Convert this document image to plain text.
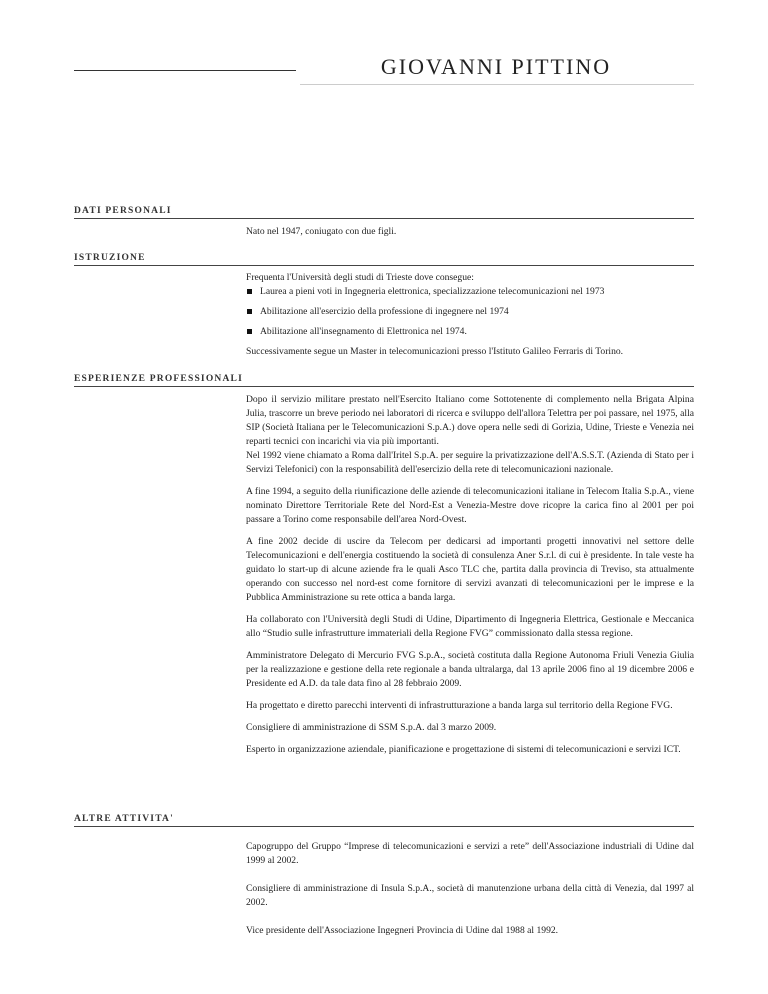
GIOVANNI PITTINO
DATI PERSONALI

Nato nel 1947, coniugato con due figli.

ISTRUZIONE

Frequenta l'Università degli studi di Trieste dove consegue:

Laurea a pieni voti in Ingegneria elettronica, specializzazione telecomunicazioni nel 1973
Abilitazione all'esercizio della professione di ingegnere nel 1974
Abilitazione all'insegnamento di Elettronica nel 1974.

Successivamente segue un Master in telecomunicazioni presso l'Istituto Galileo Ferraris di Torino.

ESPERIENZE PROFESSIONALI

Dopo il servizio militare prestato nell'Esercito Italiano come Sottotenente di complemento nella Brigata Alpina Julia, trascorre un breve periodo nei laboratori di ricerca e sviluppo dell'allora Telettra per poi passare, nel 1975, alla SIP (Società Italiana per le Telecomunicazioni S.p.A.) dove opera nelle sedi di Gorizia, Udine, Trieste e Venezia nei reparti tecnici con incarichi via via più importanti.

Nel 1992 viene chiamato a Roma dall'Iritel S.p.A. per seguire la privatizzazione dell'A.S.S.T. (Azienda di Stato per i Servizi Telefonici) con la responsabilità dell'esercizio della rete di telecomunicazioni nazionale.

A fine 1994, a seguito della riunificazione delle aziende di telecomunicazioni italiane in Telecom Italia S.p.A., viene nominato Direttore Territoriale Rete del Nord-Est a Venezia-Mestre dove ricopre la carica fino al 2001 per poi passare a Torino come responsabile dell'area Nord-Ovest.

A fine 2002 decide di uscire da Telecom per dedicarsi ad importanti progetti innovativi nel settore delle Telecomunicazioni e dell'energia costituendo la società di consulenza Aner S.r.l. di cui è presidente. In tale veste ha guidato lo start-up di alcune aziende fra le quali Asco TLC che, partita dalla provincia di Treviso, sta attualmente operando con successo nel nord-est come fornitore di servizi avanzati di telecomunicazioni per le imprese e la Pubblica Amministrazione su rete ottica a banda larga.

Ha collaborato con l'Università degli Studi di Udine, Dipartimento di Ingegneria Elettrica, Gestionale e Meccanica allo “Studio sulle infrastrutture immateriali della Regione FVG” commissionato dalla stessa regione.

Amministratore Delegato di Mercurio FVG S.p.A., società costituta dalla Regione Autonoma Friuli Venezia Giulia per la realizzazione e gestione della rete regionale a banda ultralarga, dal 13 aprile 2006 fino al 19 dicembre 2006 e Presidente ed A.D. da tale data fino al 28 febbraio 2009.

Ha progettato e diretto parecchi interventi di infrastrutturazione a banda larga sul territorio della Regione FVG.

Consigliere di amministrazione di SSM S.p.A. dal 3 marzo 2009.

Esperto in organizzazione aziendale, pianificazione e progettazione di sistemi di telecomunicazioni e servizi ICT.

ALTRE ATTIVITA'

Capogruppo del Gruppo “Imprese di telecomunicazioni e servizi a rete” dell'Associazione industriali di Udine dal 1999 al 2002.

Consigliere di amministrazione di Insula S.p.A., società di manutenzione urbana della città di Venezia, dal 1997 al 2002.

Vice presidente dell'Associazione Ingegneri Provincia di Udine dal 1988 al 1992.
